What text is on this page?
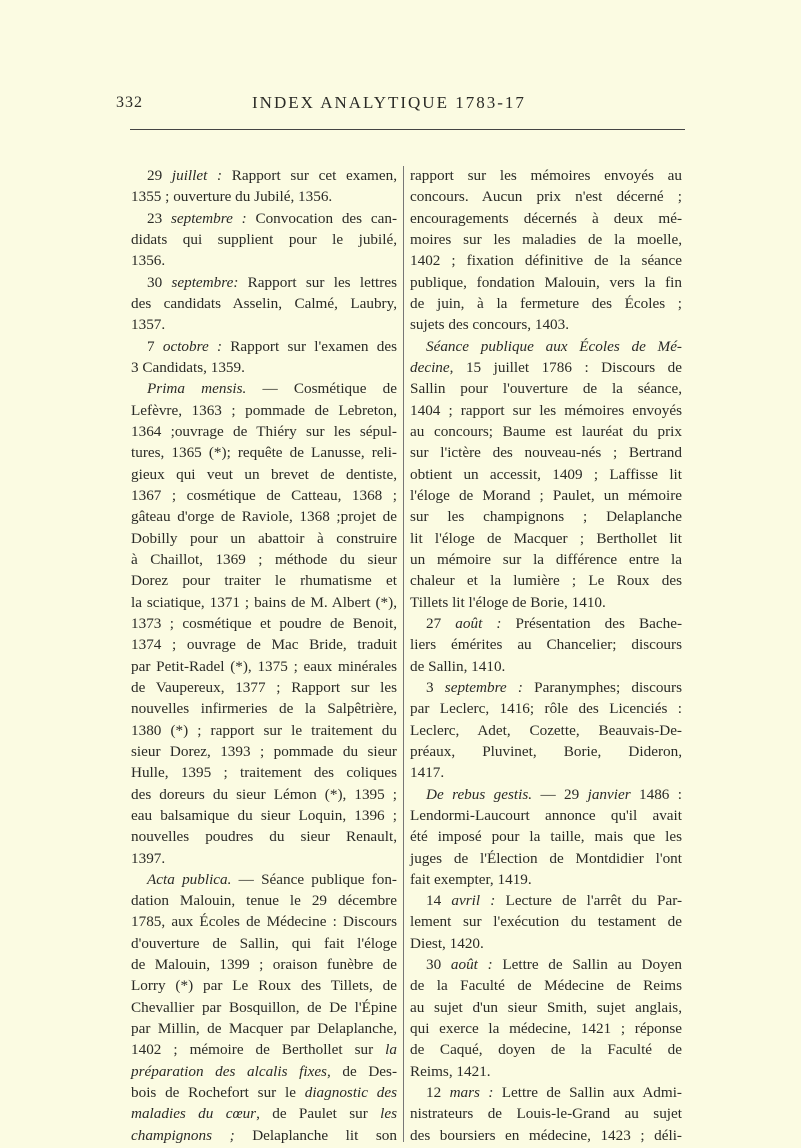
332	INDEX ANALYTIQUE 1783-17
29 juillet : Rapport sur cet examen,
1355 ; ouverture du Jubilé, 1356.
23 septembre : Convocation des can-
didats qui supplient pour le jubilé,
1356.
30 septembre: Rapport sur les lettres
des candidats Asselin, Calmé, Laubry,
1357.
7 octobre : Rapport sur l'examen des
3 Candidats, 1359.
Prima mensis. — Cosmétique de
Lefèvre, 1363 ; pommade de Lebreton,
1364 ;ouvrage de Thiéry sur les sépul-
tures, 1365 (*); requête de Lanusse, reli-
gieux qui veut un brevet de dentiste,
1367 ; cosmétique de Catteau, 1368 ;
gâteau d'orge de Raviole, 1368 ;projet de
Dobilly pour un abattoir à construire
à Chaillot, 1369 ; méthode du sieur
Dorez pour traiter le rhumatisme et
la sciatique, 1371 ; bains de M. Albert (*),
1373 ; cosmétique et poudre de Benoit,
1374 ; ouvrage de Mac Bride, traduit
par Petit-Radel (*), 1375 ; eaux minérales
de Vaupereux, 1377 ; Rapport sur les
nouvelles infirmeries de la Salpêtrière,
1380 (*) ; rapport sur le traitement du
sieur Dorez, 1393 ; pommade du sieur
Hulle, 1395 ; traitement des coliques
des doreurs du sieur Lémon (*), 1395 ;
eau balsamique du sieur Loquin, 1396 ;
nouvelles poudres du sieur Renault,
1397.
Acta publica. — Séance publique fon-
dation Malouin, tenue le 29 décembre
1785, aux Écoles de Médecine : Discours
d'ouverture de Sallin, qui fait l'éloge
de Malouin, 1399 ; oraison funèbre de
Lorry (*) par Le Roux des Tillets, de
Chevallier par Bosquillon, de De l'Épine
par Millin, de Macquer par Delaplanche,
1402 ; mémoire de Berthollet sur la
préparation des alcalis fixes, de Des-
bois de Rochefort sur le diagnostic des
maladies du cœur, de Paulet sur les
champignons ; Delaplanche lit son
rapport sur les mémoires envoyés au
concours. Aucun prix n'est décerné ;
encouragements décernés à deux mé-
moires sur les maladies de la moelle,
1402 ; fixation définitive de la séance
publique, fondation Malouin, vers la fin
de juin, à la fermeture des Écoles ;
sujets des concours, 1403.
Séance publique aux Écoles de Mé-
decine, 15 juillet 1786 : Discours de
Sallin pour l'ouverture de la séance,
1404 ; rapport sur les mémoires envoyés
au concours; Baume est lauréat du prix
sur l'ictère des nouveau-nés ; Bertrand
obtient un accessit, 1409 ; Laffisse lit
l'éloge de Morand ; Paulet, un mémoire
sur les champignons ; Delaplanche
lit l'éloge de Macquer ; Berthollet lit
un mémoire sur la différence entre la
chaleur et la lumière ; Le Roux des
Tillets lit l'éloge de Borie, 1410.
27 août : Présentation des Bache-
liers émérites au Chancelier; discours
de Sallin, 1410.
3 septembre : Paranymphes; discours
par Leclerc, 1416; rôle des Licenciés :
Leclerc, Adet, Cozette, Beauvais-De-
préaux, Pluvinet, Borie, Dideron,
1417.
De rebus gestis. — 29 janvier 1486 :
Lendormi-Laucourt annonce qu'il avait
été imposé pour la taille, mais que les
juges de l'Élection de Montdidier l'ont
fait exempter, 1419.
14 avril : Lecture de l'arrêt du Par-
lement sur l'exécution du testament de
Diest, 1420.
30 août : Lettre de Sallin au Doyen
de la Faculté de Médecine de Reims
au sujet d'un sieur Smith, sujet anglais,
qui exerce la médecine, 1421 ; réponse
de Caqué, doyen de la Faculté de
Reims, 1421.
12 mars : Lettre de Sallin aux Admi-
nistrateurs de Louis-le-Grand au sujet
des boursiers en médecine, 1423 ; déli-
